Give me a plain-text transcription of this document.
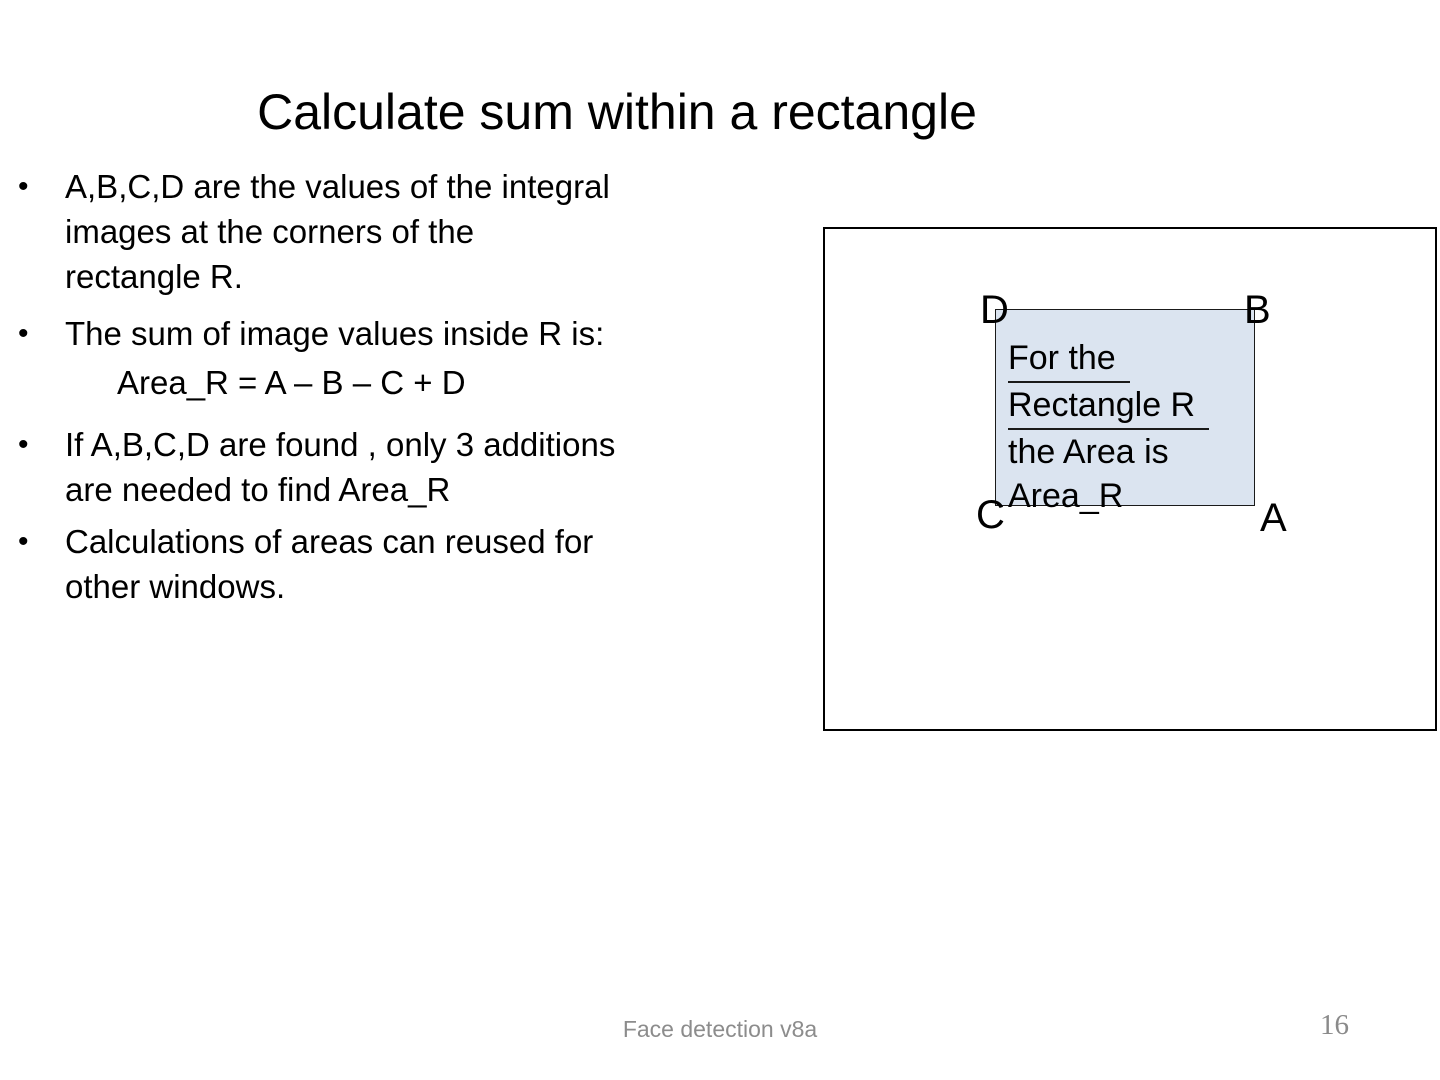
Calculate sum within a rectangle
•	A,B,C,D are the values of the integral
images at the corners of the
rectangle R.
•	The sum of image values inside R is:
Area_R = A – B – C + D
•	If A,B,C,D are found , only 3 additions
are needed to find Area_R
•	Calculations of areas can reused for
other windows.
D	B
C	A
For the
Rectangle R
the Area is
Area_R
Face detection v8a	16
